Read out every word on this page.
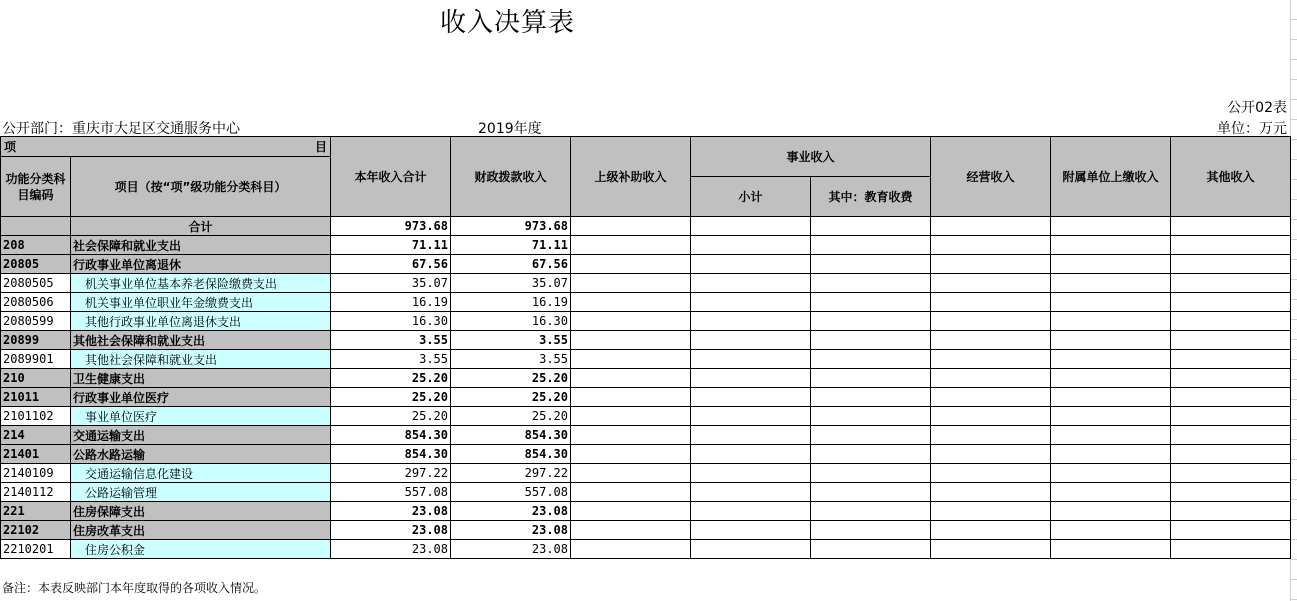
收入决算表
公开02表
公开部门：重庆市大足区交通服务中心	2019年度	单位：万元
项 目		本年收入合计	财政拨款收入	上级补助收入	事业收入		经营收入	附属单位上缴收入	其他收入
功能分类科目编码	项目（按“项”级功能分类科目）								
					小计	其中：教育收费			
	合计	973.68	973.68						
208	社会保障和就业支出	71.11	71.11						
20805	行政事业单位离退休	67.56	67.56						
2080505	机关事业单位基本养老保险缴费支出	35.07	35.07						
2080506	机关事业单位职业年金缴费支出	16.19	16.19						
2080599	其他行政事业单位离退休支出	16.30	16.30						
20899	其他社会保障和就业支出	3.55	3.55						
2089901	其他社会保障和就业支出	3.55	3.55						
210	卫生健康支出	25.20	25.20						
21011	行政事业单位医疗	25.20	25.20						
2101102	事业单位医疗	25.20	25.20						
214	交通运输支出	854.30	854.30						
21401	公路水路运输	854.30	854.30						
2140109	交通运输信息化建设	297.22	297.22						
2140112	公路运输管理	557.08	557.08						
221	住房保障支出	23.08	23.08						
22102	住房改革支出	23.08	23.08						
2210201	住房公积金	23.08	23.08						
备注：本表反映部门本年度取得的各项收入情况。
